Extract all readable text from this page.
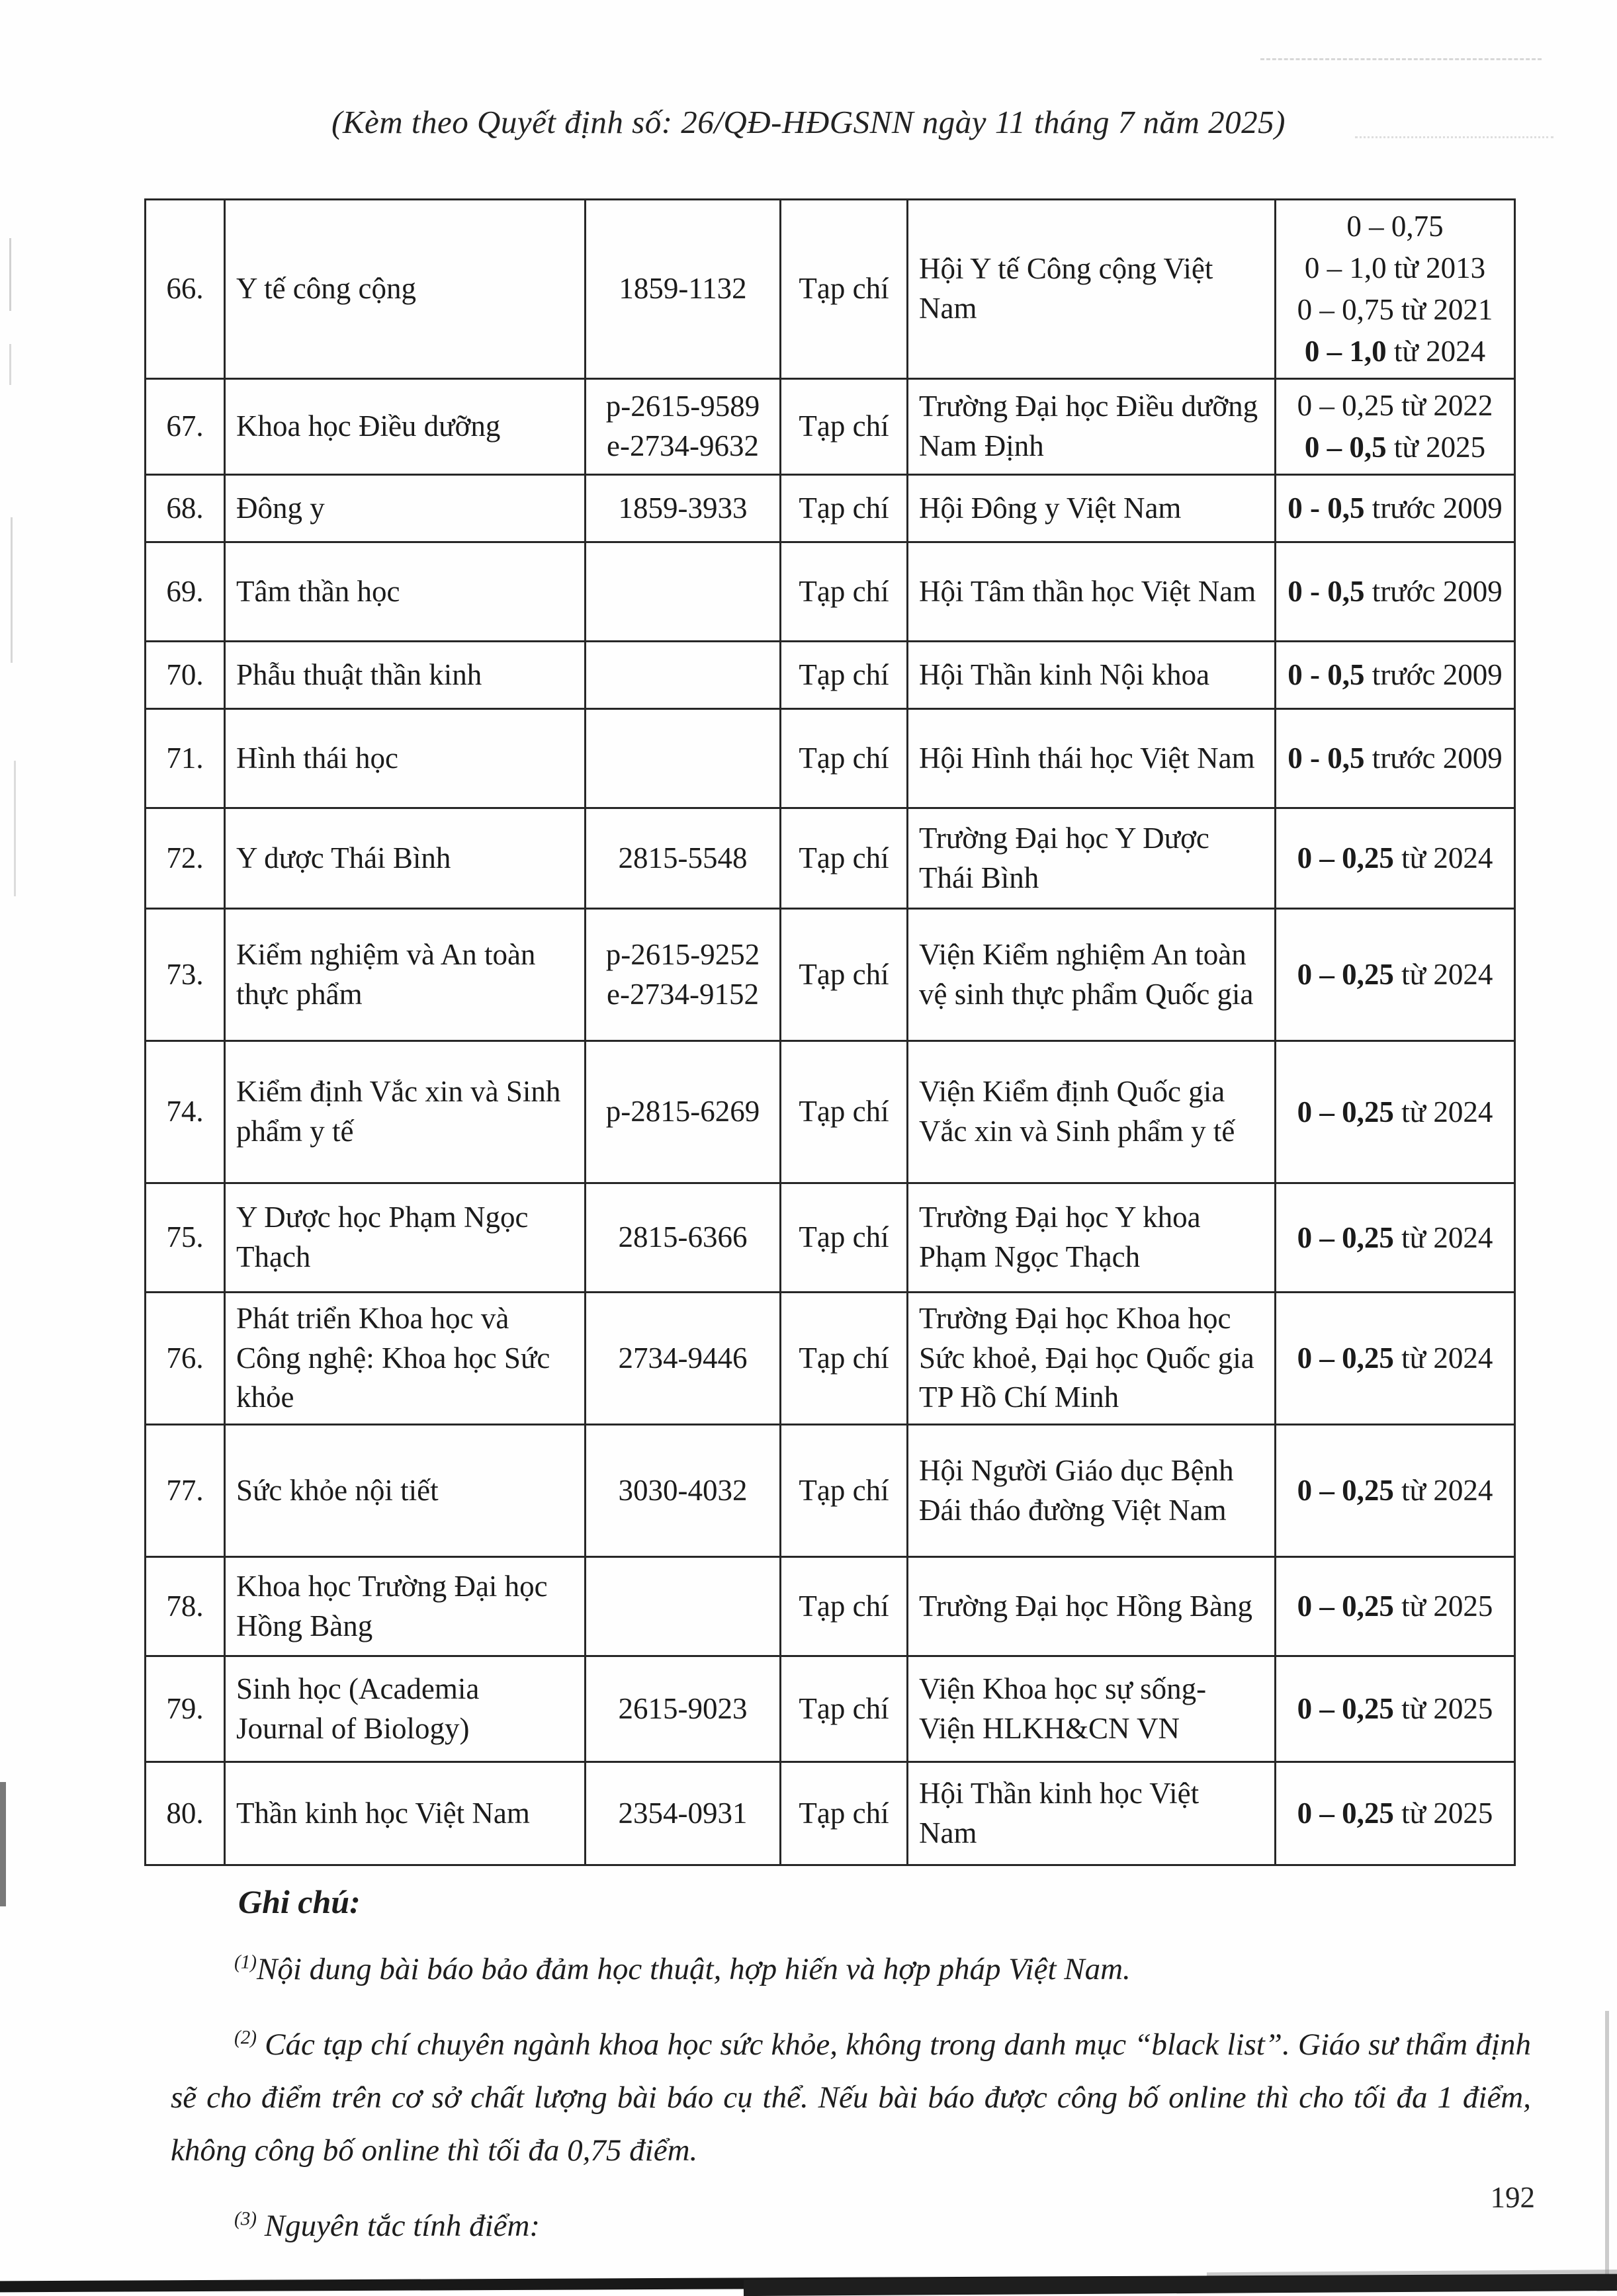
(Kèm theo Quyết định số: 26/QĐ-HĐGSNN ngày 11 tháng 7 năm 2025)
66.	Y tế công cộng	1859-1132	Tạp chí	Hội Y tế Công cộng Việt Nam	0 – 0,75
0 – 1,0 từ 2013
0 – 0,75 từ 2021
0 – 1,0 từ 2024

67.	Khoa học Điều dưỡng	p-2615-9589
e-2734-9632	Tạp chí	Trường Đại học Điều dưỡng Nam Định	
0 – 0,25 từ 2022
0 – 0,5 từ 2025

68.	Đông y	1859-3933	Tạp chí	Hội Đông y Việt Nam	0 - 0,5 trước 2009

69.	Tâm thần học		Tạp chí	Hội Tâm thần học Việt Nam	0 - 0,5 trước 2009

70.	Phẫu thuật thần kinh		Tạp chí	Hội Thần kinh Nội khoa	0 - 0,5 trước 2009

71.	Hình thái học		Tạp chí	Hội Hình thái học Việt Nam	0 - 0,5 trước 2009

72.	Y dược Thái Bình	2815-5548	Tạp chí	Trường Đại học Y Dược Thái Bình	0 – 0,25 từ 2024

73.	Kiểm nghiệm và An toàn thực phẩm	p-2615-9252
e-2734-9152	Tạp chí	Viện Kiểm nghiệm An toàn vệ sinh thực phẩm Quốc gia	0 – 0,25 từ 2024

74.	Kiểm định Vắc xin và Sinh phẩm y tế	p-2815-6269	Tạp chí	Viện Kiểm định Quốc gia Vắc xin và Sinh phẩm y tế	0 – 0,25 từ 2024

75.	Y Dược học Phạm Ngọc Thạch	2815-6366	Tạp chí	Trường Đại học Y khoa Phạm Ngọc Thạch	0 – 0,25 từ 2024

76.	Phát triển Khoa học và Công nghệ: Khoa học Sức khỏe	2734-9446	Tạp chí	Trường Đại học Khoa học Sức khoẻ, Đại học Quốc gia TP Hồ Chí Minh	0 – 0,25 từ 2024

77.	Sức khỏe nội tiết	3030-4032	Tạp chí	Hội Người Giáo dục Bệnh Đái tháo đường Việt Nam	0 – 0,25 từ 2024

78.	Khoa học Trường Đại học Hồng Bàng		Tạp chí	Trường Đại học Hồng Bàng	0 – 0,25 từ 2025

79.	Sinh học (Academia Journal of Biology)	2615-9023	Tạp chí	Viện Khoa học sự sống- Viện HLKH&CN VN	0 – 0,25 từ 2025

80.	Thần kinh học Việt Nam	2354-0931	Tạp chí	Hội Thần kinh học Việt Nam	0 – 0,25 từ 2025
Ghi chú:

$^{(1)}$Nội dung bài báo bảo đảm học thuật, hợp hiến và hợp pháp Việt Nam.

$^{(2)}$ Các tạp chí chuyên ngành khoa học sức khỏe, không trong danh mục “black list”. Giáo sư thẩm định sẽ cho điểm trên cơ sở chất lượng bài báo cụ thể. Nếu bài báo được công bố online thì cho tối đa 1 điểm, không công bố online thì tối đa 0,75 điểm.

$^{(3)}$ Nguyên tắc tính điểm:

192
